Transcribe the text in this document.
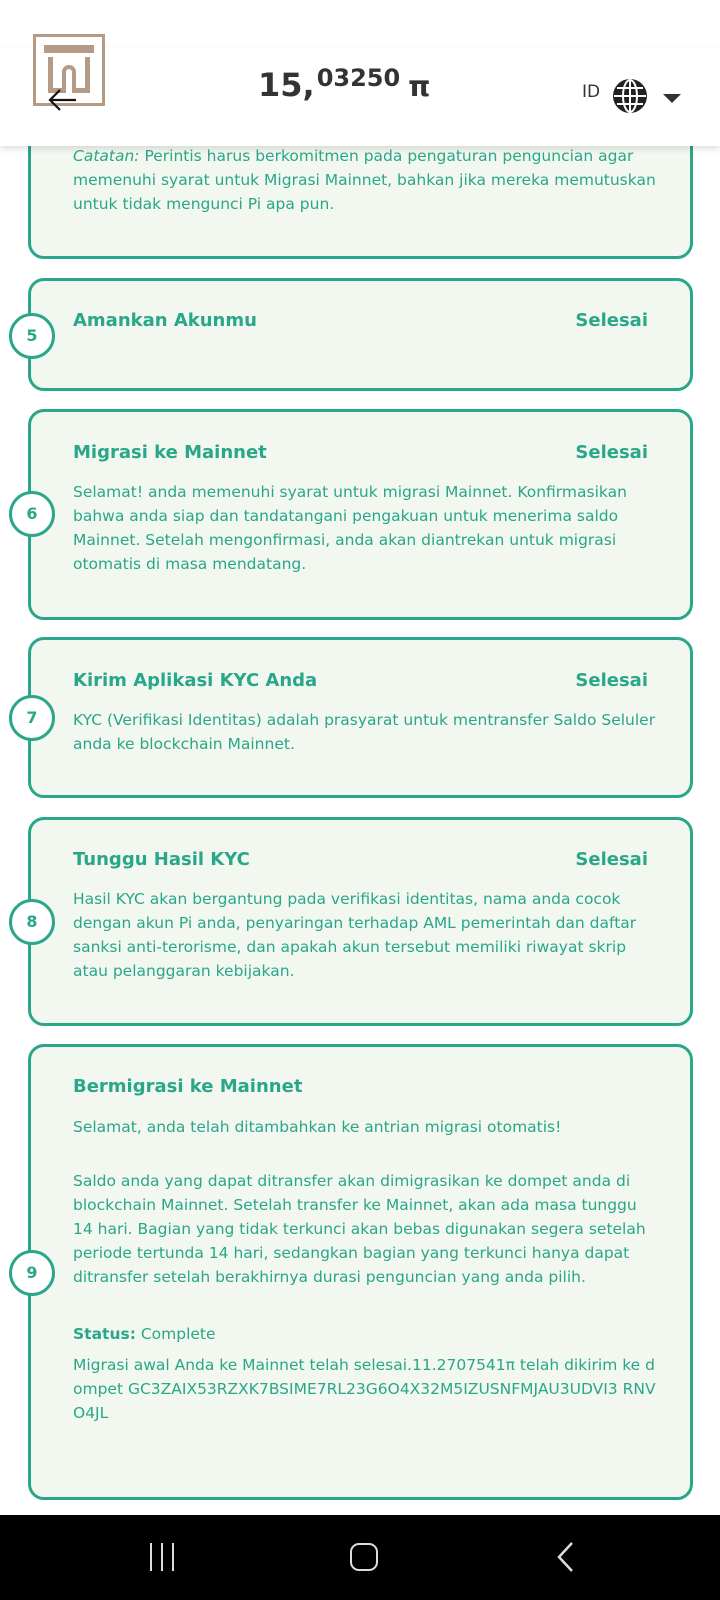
Catatan: Perintis harus berkomitmen pada pengaturan penguncian agar memenuhi syarat untuk Migrasi Mainnet, bahkan jika mereka memutuskan untuk tidak mengunci Pi apa pun.
Amankan Akunmu	Selesai
5
Migrasi ke Mainnet	Selesai
Selamat! anda memenuhi syarat untuk migrasi Mainnet. Konfirmasikan bahwa anda siap dan tandatangani pengakuan untuk menerima saldo Mainnet. Setelah mengonfirmasi, anda akan diantrekan untuk migrasi otomatis di masa mendatang.
6
Kirim Aplikasi KYC Anda	Selesai
KYC (Verifikasi Identitas) adalah prasyarat untuk mentransfer Saldo Seluler anda ke blockchain Mainnet.
7
Tunggu Hasil KYC	Selesai
Hasil KYC akan bergantung pada verifikasi identitas, nama anda cocok dengan akun Pi anda, penyaringan terhadap AML pemerintah dan daftar sanksi anti-terorisme, dan apakah akun tersebut memiliki riwayat skrip atau pelanggaran kebijakan.
8
Bermigrasi ke Mainnet
Selamat, anda telah ditambahkan ke antrian migrasi otomatis!
Saldo anda yang dapat ditransfer akan dimigrasikan ke dompet anda di blockchain Mainnet. Setelah transfer ke Mainnet, akan ada masa tunggu 14 hari. Bagian yang tidak terkunci akan bebas digunakan segera setelah periode tertunda 14 hari, sedangkan bagian yang terkunci hanya dapat ditransfer setelah berakhirnya durasi penguncian yang anda pilih.
Status: Complete
Migrasi awal Anda ke Mainnet telah selesai.11.2707541π telah dikirim ke dompet GC3ZAIX53RZXK7BSIME7RL23G6O4X32M5IZUSNFMJAU3UDVI3 RNVO4JL
9
15,03250 π	ID
